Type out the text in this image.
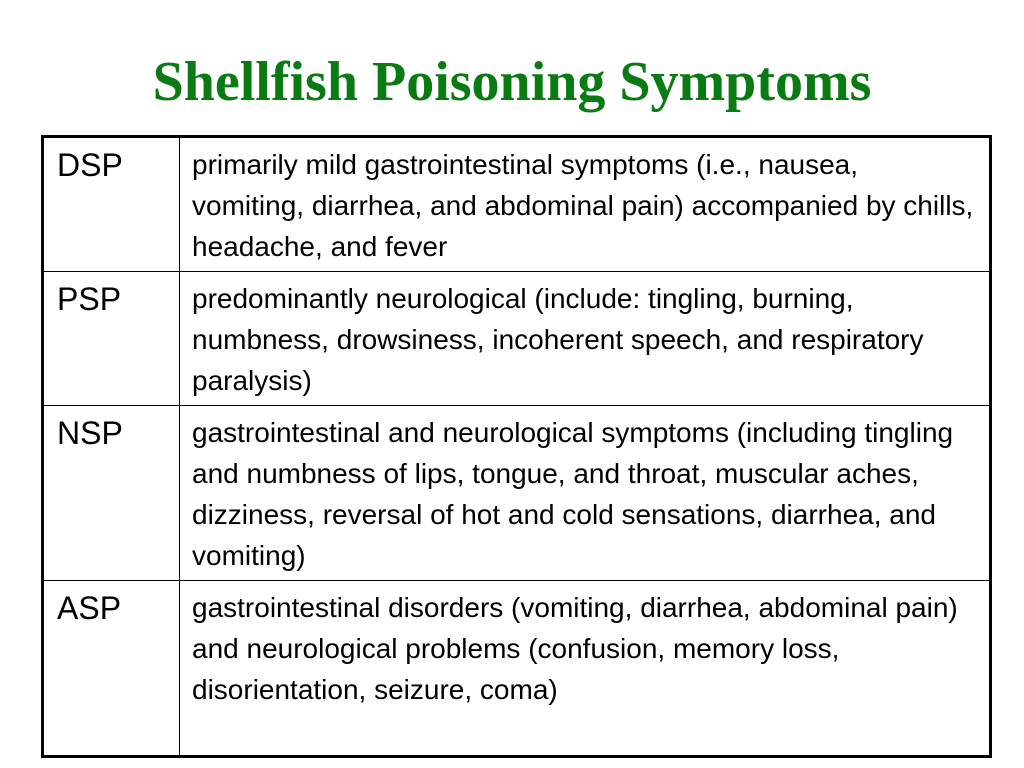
Shellfish Poisoning Symptoms
DSP	primarily mild gastrointestinal symptoms (i.e., nausea, vomiting, diarrhea, and abdominal pain) accompanied by chills, headache, and fever
PSP	predominantly neurological (include: tingling, burning, numbness, drowsiness, incoherent speech, and respiratory paralysis)
NSP	gastrointestinal and neurological symptoms (including tingling and numbness of lips, tongue, and throat, muscular aches, dizziness, reversal of hot and cold sensations, diarrhea, and vomiting)
ASP	gastrointestinal disorders (vomiting, diarrhea, abdominal pain) and neurological problems (confusion, memory loss, disorientation, seizure, coma)
